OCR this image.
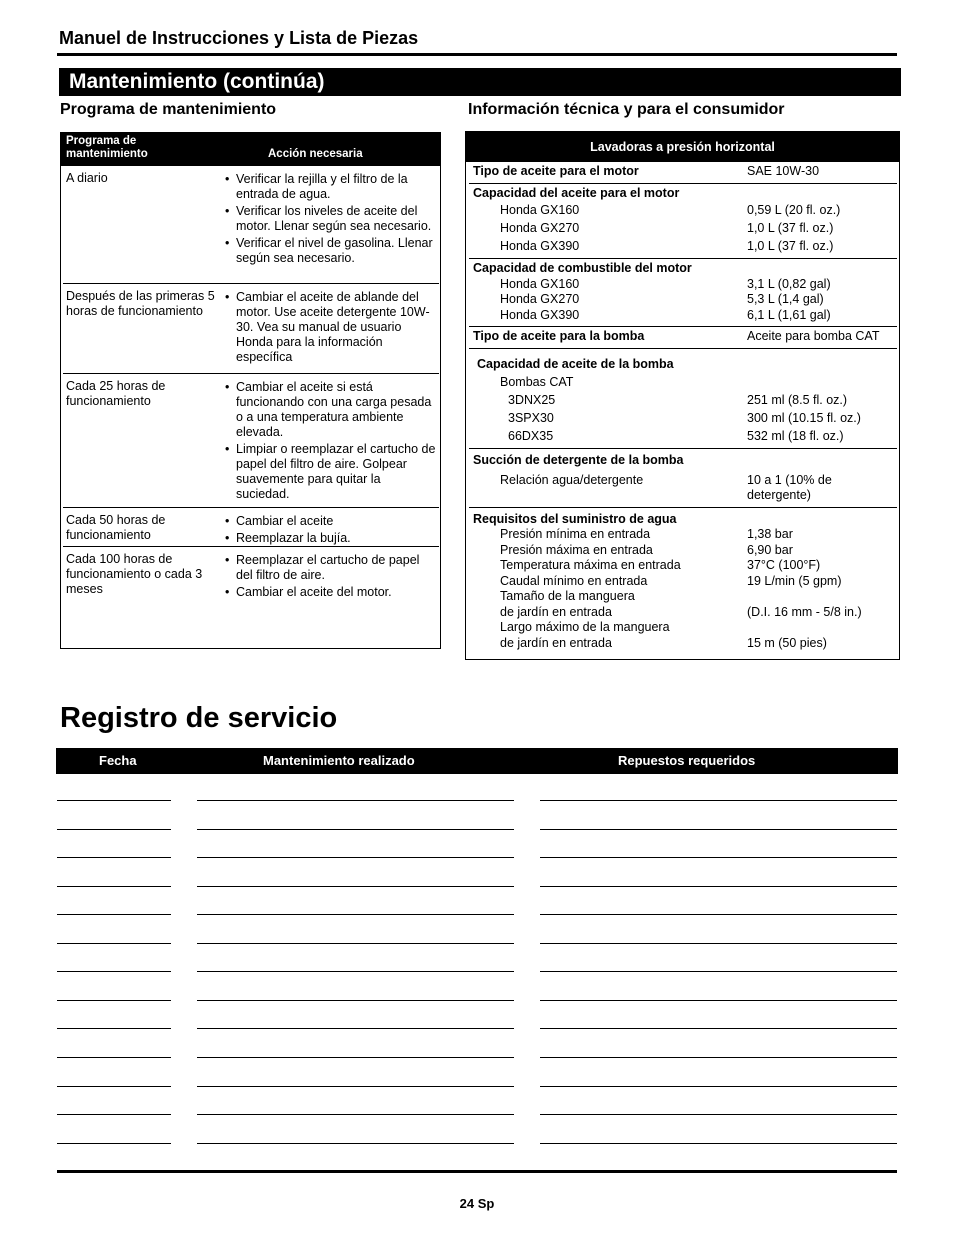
Manuel de Instrucciones y Lista de Piezas
Mantenimiento (continúa)
Programa de mantenimiento	Información técnica y para el consumidor
Programa de mantenimiento	Acción necesaria
A diario
•	Verificar la rejilla y el filtro de la entrada de agua.
• Verificar los niveles de aceite del motor. Llenar según sea necesario.
• Verificar el nivel de gasolina. Llenar según sea necesario.
Después de las primeras 5 horas de funcionamiento
• Cambiar el aceite de ablande del motor. Use aceite detergente 10W-30. Vea su manual de usuario Honda para la información específica
Cada 25 horas de funcionamiento
• Cambiar el aceite si está funcionando con una carga pesada o a una temperatura ambiente elevada.
• Limpiar o reemplazar el cartucho de papel del filtro de aire. Golpear suavemente para quitar la suciedad.
Cada 50 horas de funcionamiento
• Cambiar el aceite
• Reemplazar la bujía.
Cada 100 horas de funcionamiento o cada 3 meses
• Reemplazar el cartucho de papel del filtro de aire.
• Cambiar el aceite del motor.
Lavadoras a presión horizontal
Tipo de aceite para el motor	SAE 10W-30
Capacidad del aceite para el motor
Honda GX160	0,59 L (20 fl. oz.)
Honda GX270	1,0 L (37 fl. oz.)
Honda GX390	1,0 L (37 fl. oz.)
Capacidad de combustible del motor
Honda GX160	3,1 L (0,82 gal)
Honda GX270	5,3 L (1,4 gal)
Honda GX390	6,1 L (1,61 gal)
Tipo de aceite para la bomba	Aceite para bomba CAT
Capacidad de aceite de la bomba
Bombas CAT
3DNX25	251 ml (8.5 fl. oz.)
3SPX30	300 ml (10.15 fl. oz.)
66DX35	532 ml (18 fl. oz.)
Succión de detergente de la bomba
Relación agua/detergente	10 a 1 (10% de
detergente)
Requisitos del suministro de agua
Presión mínima en entrada	1,38 bar
Presión máxima en entrada	6,90 bar
Temperatura máxima en entrada	37°C (100°F)
Caudal mínimo en entrada	19 L/min (5 gpm)
Tamaño de la manguera
de jardín en entrada	(D.I. 16 mm - 5/8 in.)
Largo máximo de la manguera
de jardín en entrada	15 m (50 pies)
Registro de servicio
Fecha	Mantenimiento realizado	Repuestos requeridos
24 Sp
